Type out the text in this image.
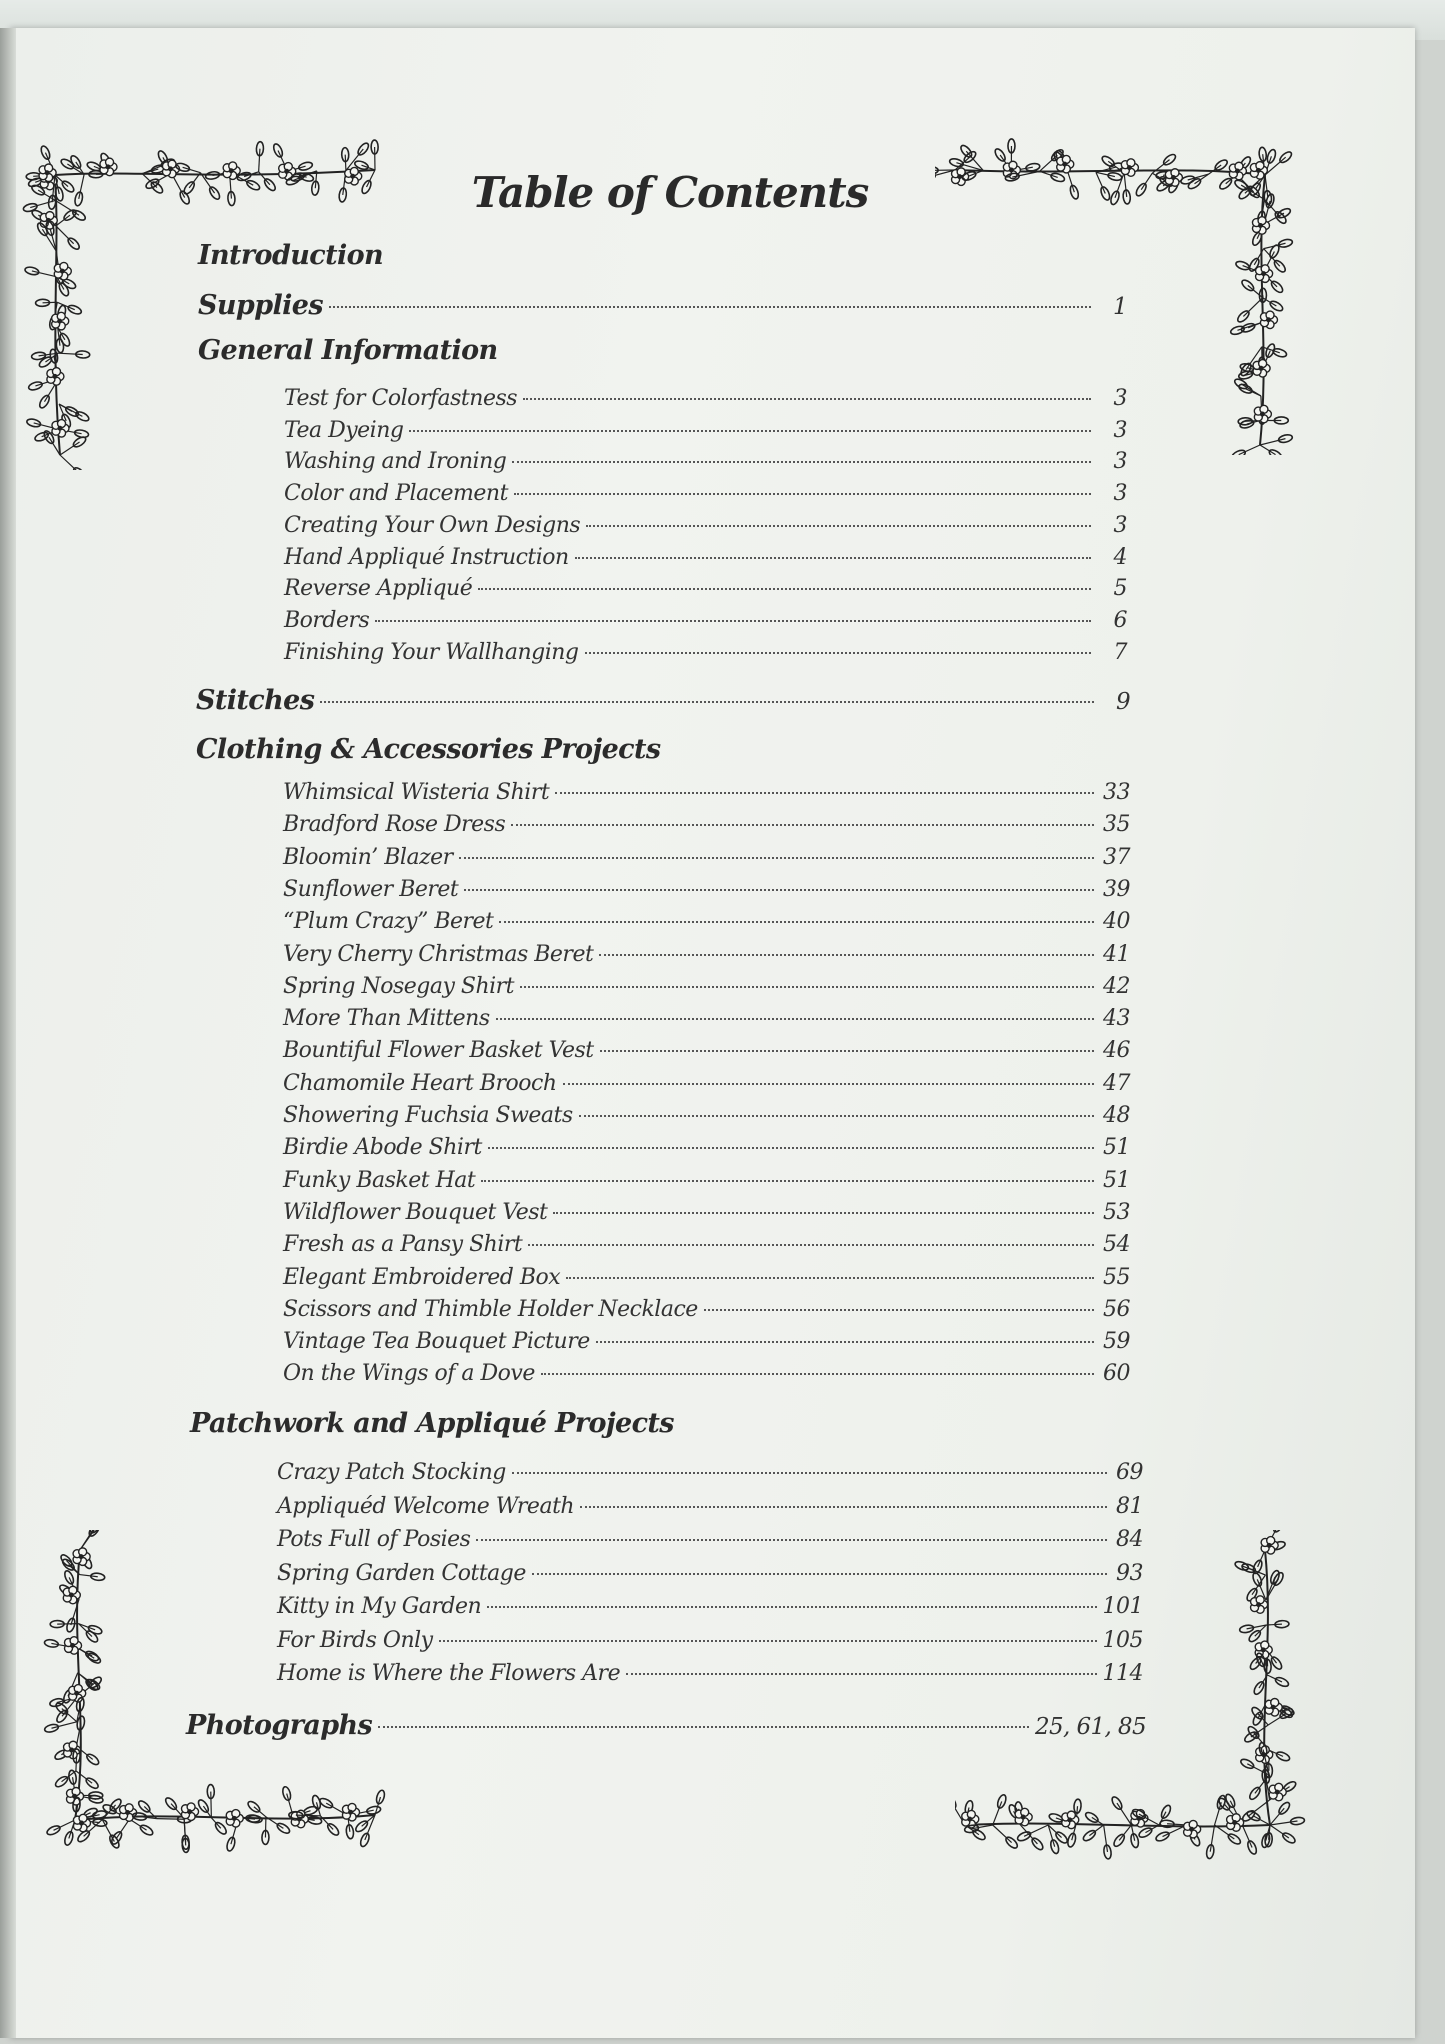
Table of Contents
Introduction
Supplies	1
General Information
Test for Colorfastness	3
Tea Dyeing	3
Washing and Ironing	3
Color and Placement	3
Creating Your Own Designs	3
Hand Appliqué Instruction	4
Reverse Appliqué	5
Borders	6
Finishing Your Wallhanging	7
Stitches	9
Clothing & Accessories Projects
Whimsical Wisteria Shirt	33
Bradford Rose Dress	35
Bloomin’ Blazer	37
Sunflower Beret	39
“Plum Crazy” Beret	40
Very Cherry Christmas Beret	41
Spring Nosegay Shirt	42
More Than Mittens	43
Bountiful Flower Basket Vest	46
Chamomile Heart Brooch	47
Showering Fuchsia Sweats	48
Birdie Abode Shirt	51
Funky Basket Hat	51
Wildflower Bouquet Vest	53
Fresh as a Pansy Shirt	54
Elegant Embroidered Box	55
Scissors and Thimble Holder Necklace	56
Vintage Tea Bouquet Picture	59
On the Wings of a Dove	60
Patchwork and Appliqué Projects
Crazy Patch Stocking	69
Appliquéd Welcome Wreath	81
Pots Full of Posies	84
Spring Garden Cottage	93
Kitty in My Garden	101
For Birds Only	105
Home is Where the Flowers Are	114
Photographs	25, 61, 85
